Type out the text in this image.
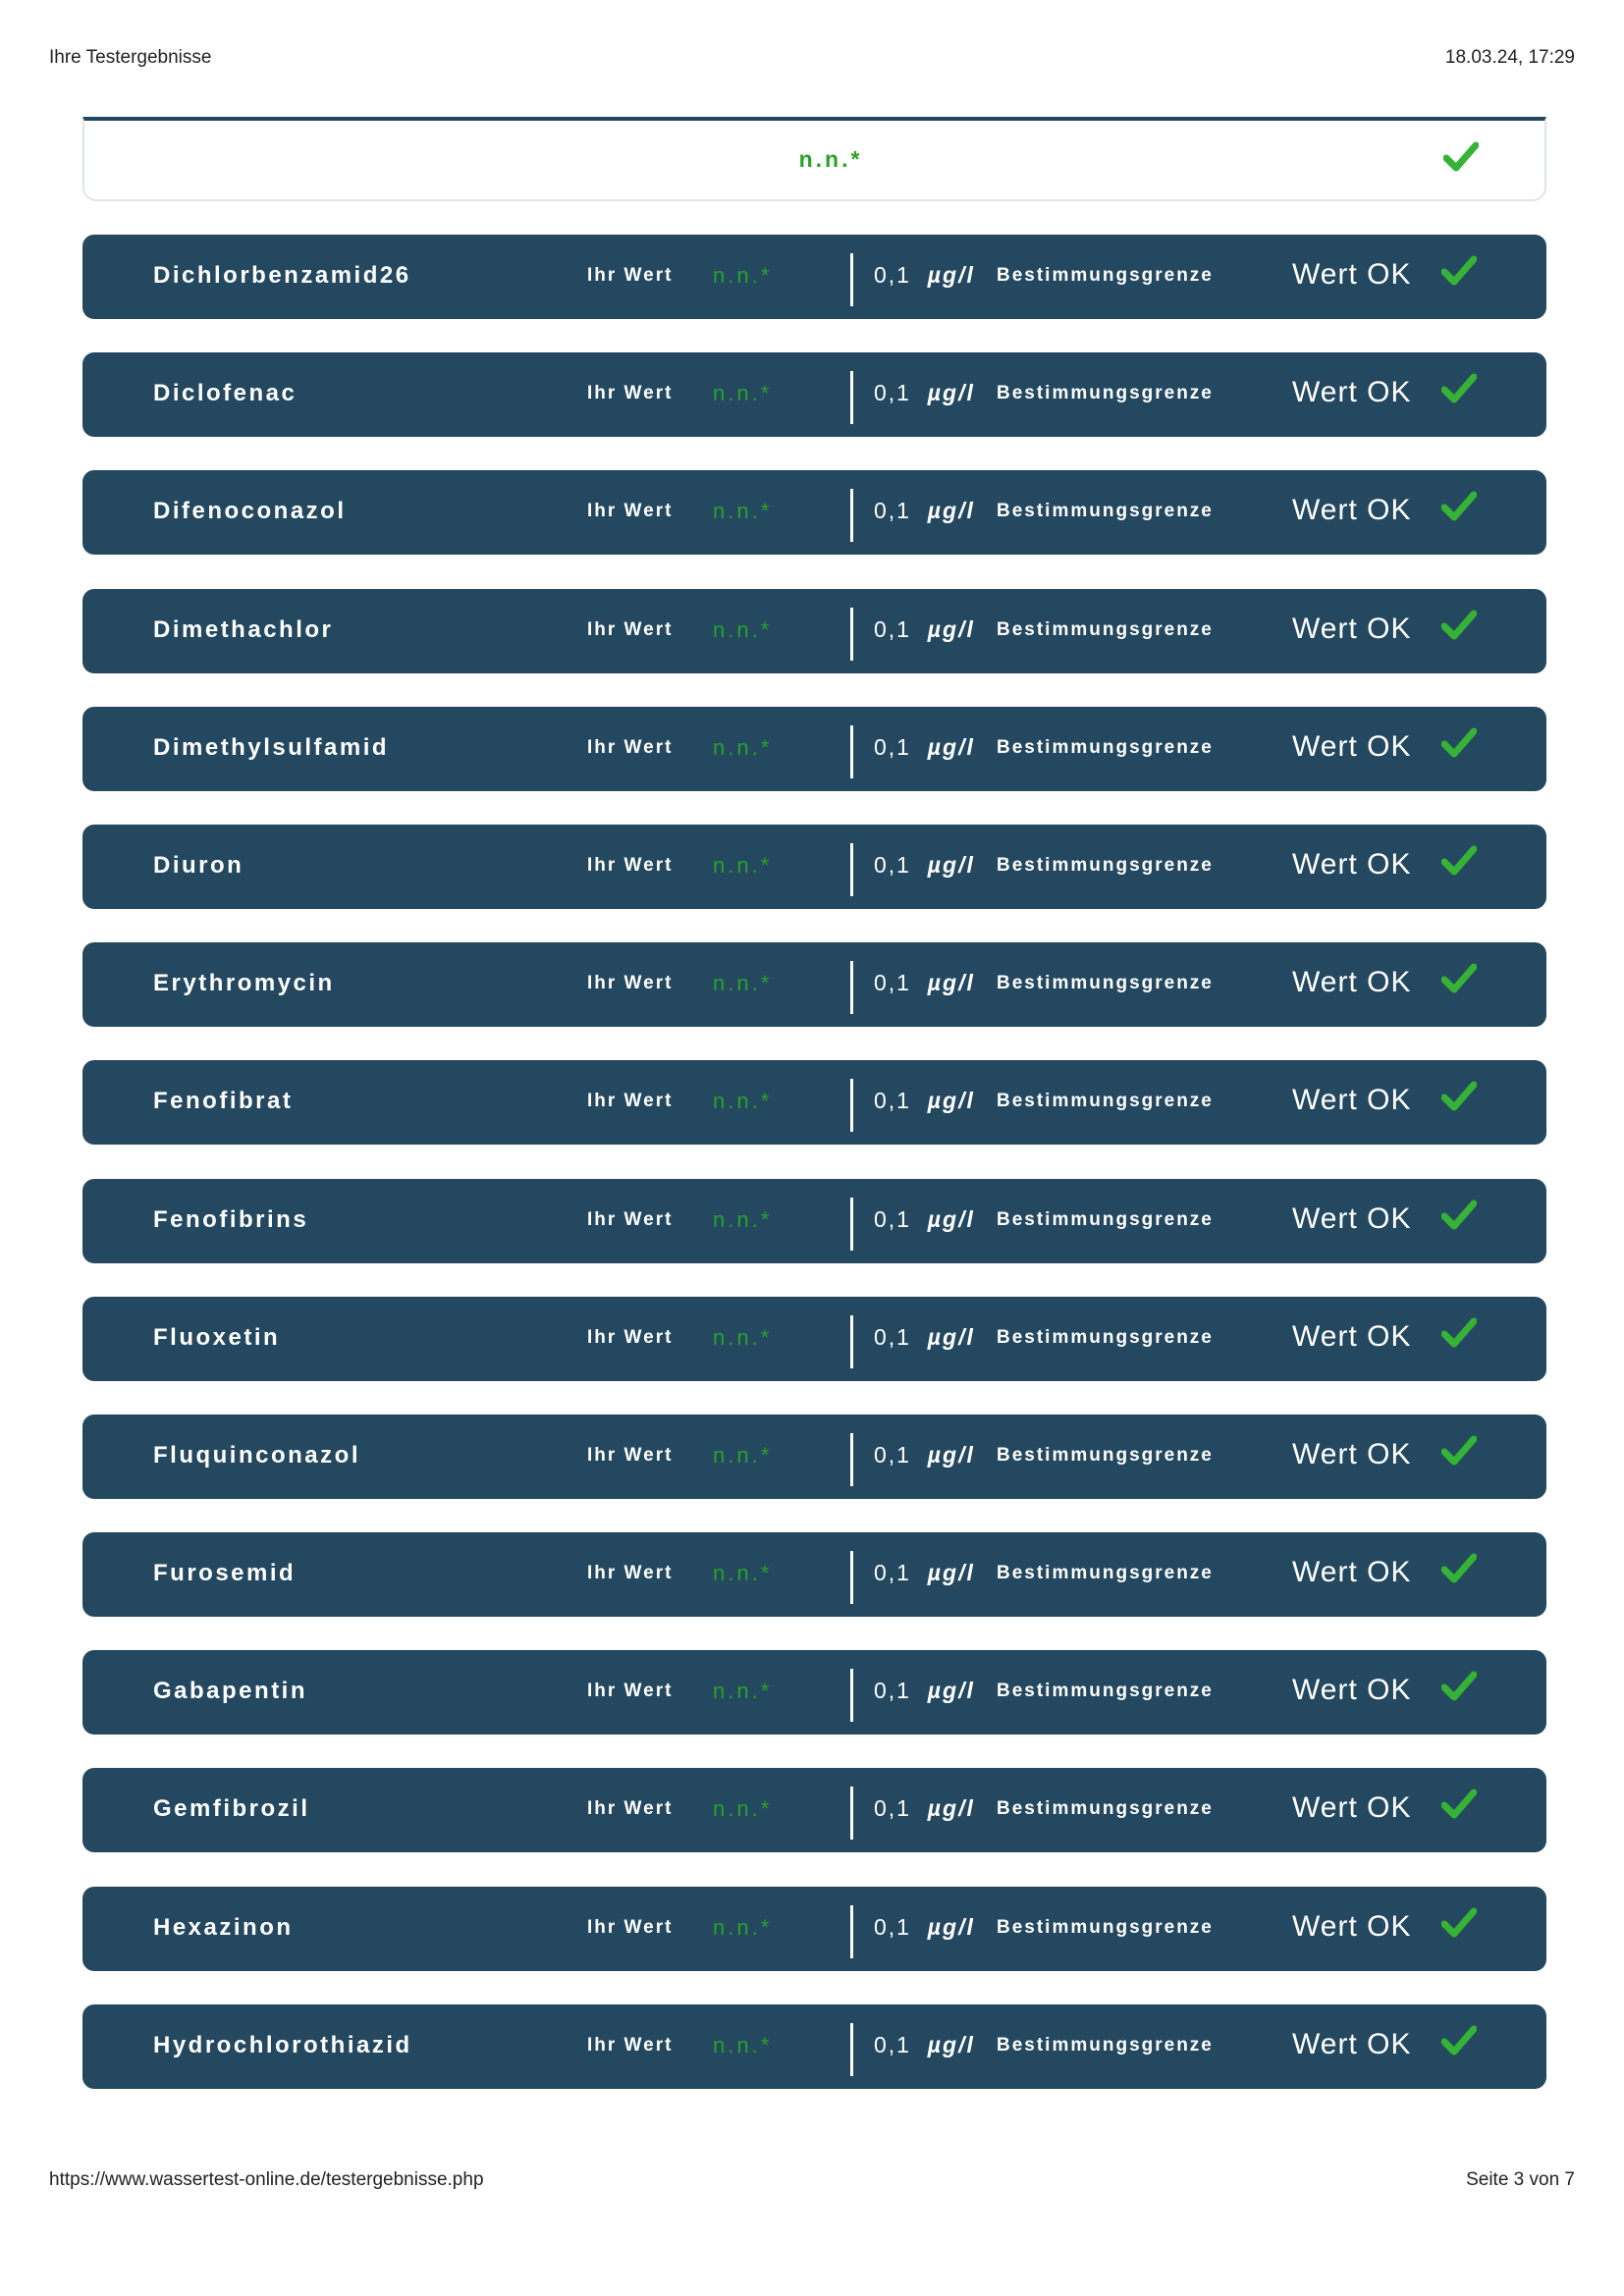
Ihre Testergebnisse	18.03.24, 17:29
n.n.*
Dichlorbenzamid26	Ihr Wert n.n.*	0,1 µg/l Bestimmungsgrenze	Wert OK
Diclofenac	Ihr Wert n.n.*	0,1 µg/l Bestimmungsgrenze	Wert OK
Difenoconazol	Ihr Wert n.n.*	0,1 µg/l Bestimmungsgrenze	Wert OK
Dimethachlor	Ihr Wert n.n.*	0,1 µg/l Bestimmungsgrenze	Wert OK
Dimethylsulfamid	Ihr Wert n.n.*	0,1 µg/l Bestimmungsgrenze	Wert OK
Diuron	Ihr Wert n.n.*	0,1 µg/l Bestimmungsgrenze	Wert OK
Erythromycin	Ihr Wert n.n.*	0,1 µg/l Bestimmungsgrenze	Wert OK
Fenofibrat	Ihr Wert n.n.*	0,1 µg/l Bestimmungsgrenze	Wert OK
Fenofibrins	Ihr Wert n.n.*	0,1 µg/l Bestimmungsgrenze	Wert OK
Fluoxetin	Ihr Wert n.n.*	0,1 µg/l Bestimmungsgrenze	Wert OK
Fluquinconazol	Ihr Wert n.n.*	0,1 µg/l Bestimmungsgrenze	Wert OK
Furosemid	Ihr Wert n.n.*	0,1 µg/l Bestimmungsgrenze	Wert OK
Gabapentin	Ihr Wert n.n.*	0,1 µg/l Bestimmungsgrenze	Wert OK
Gemfibrozil	Ihr Wert n.n.*	0,1 µg/l Bestimmungsgrenze	Wert OK
Hexazinon	Ihr Wert n.n.*	0,1 µg/l Bestimmungsgrenze	Wert OK
Hydrochlorothiazid	Ihr Wert n.n.*	0,1 µg/l Bestimmungsgrenze	Wert OK
https://www.wassertest-online.de/testergebnisse.php	Seite 3 von 7
